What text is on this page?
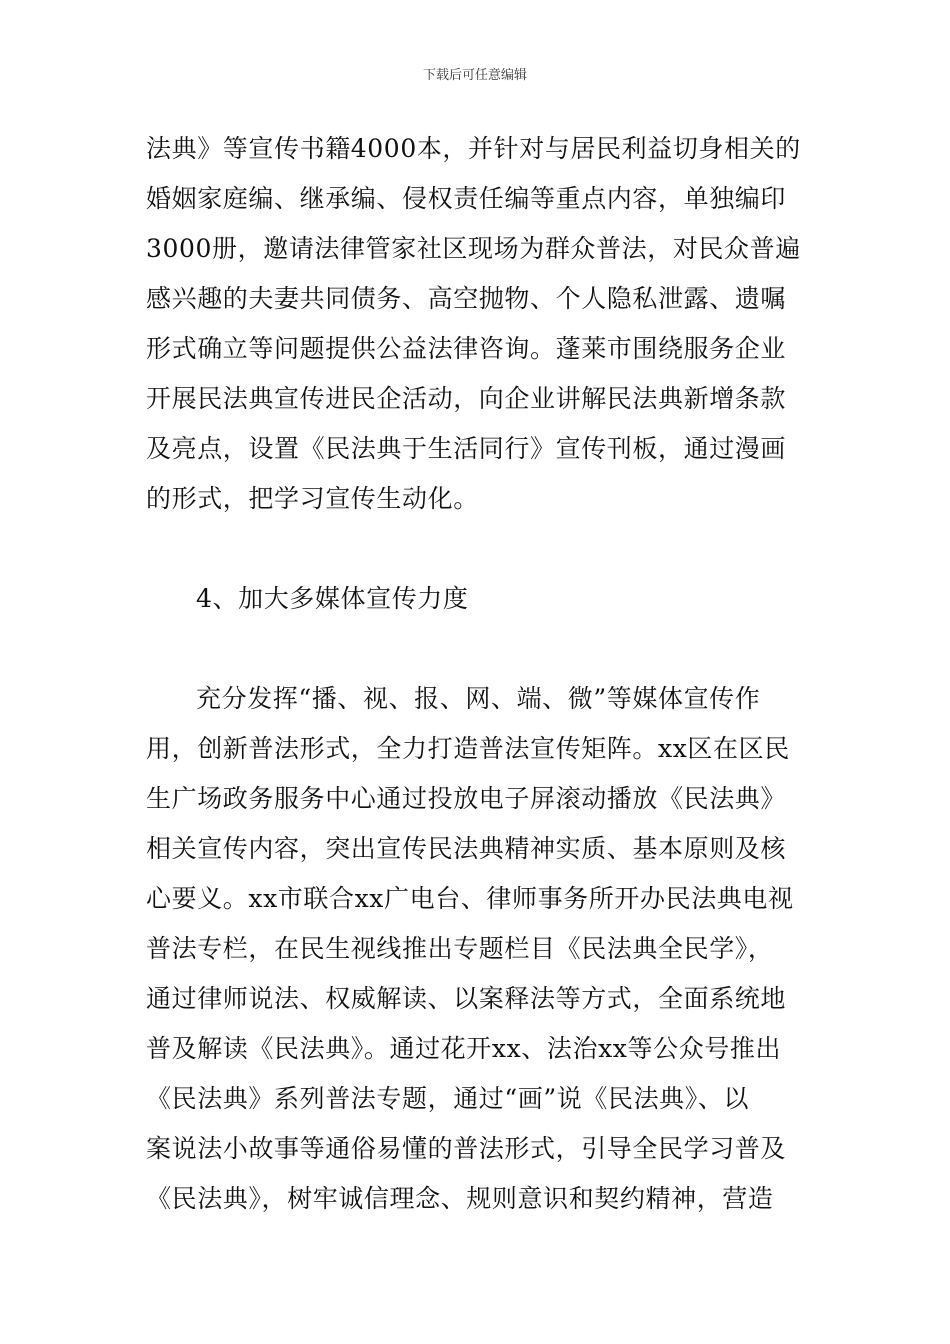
下载后可任意编辑
法典》等宣传书籍4000本，并针对与居民利益切身相关的
婚姻家庭编、继承编、侵权责任编等重点内容，单独编印
3000册，邀请法律管家社区现场为群众普法，对民众普遍
感兴趣的夫妻共同债务、高空抛物、个人隐私泄露、遗嘱
形式确立等问题提供公益法律咨询。蓬莱市围绕服务企业
开展民法典宣传进民企活动，向企业讲解民法典新增条款
及亮点，设置《民法典于生活同行》宣传刊板，通过漫画
的形式，把学习宣传生动化。
4、加大多媒体宣传力度
充分发挥“播、视、报、网、端、微”等媒体宣传作
用，创新普法形式，全力打造普法宣传矩阵。xx区在区民
生广场政务服务中心通过投放电子屏滚动播放《民法典》
相关宣传内容，突出宣传民法典精神实质、基本原则及核
心要义。xx市联合xx广电台、律师事务所开办民法典电视
普法专栏，在民生视线推出专题栏目《民法典全民学》，
通过律师说法、权威解读、以案释法等方式，全面系统地
普及解读《民法典》。通过花开xx、法治xx等公众号推出
《民法典》系列普法专题，通过“画”说《民法典》、以
案说法小故事等通俗易懂的普法形式，引导全民学习普及
《民法典》，树牢诚信理念、规则意识和契约精神，营造
